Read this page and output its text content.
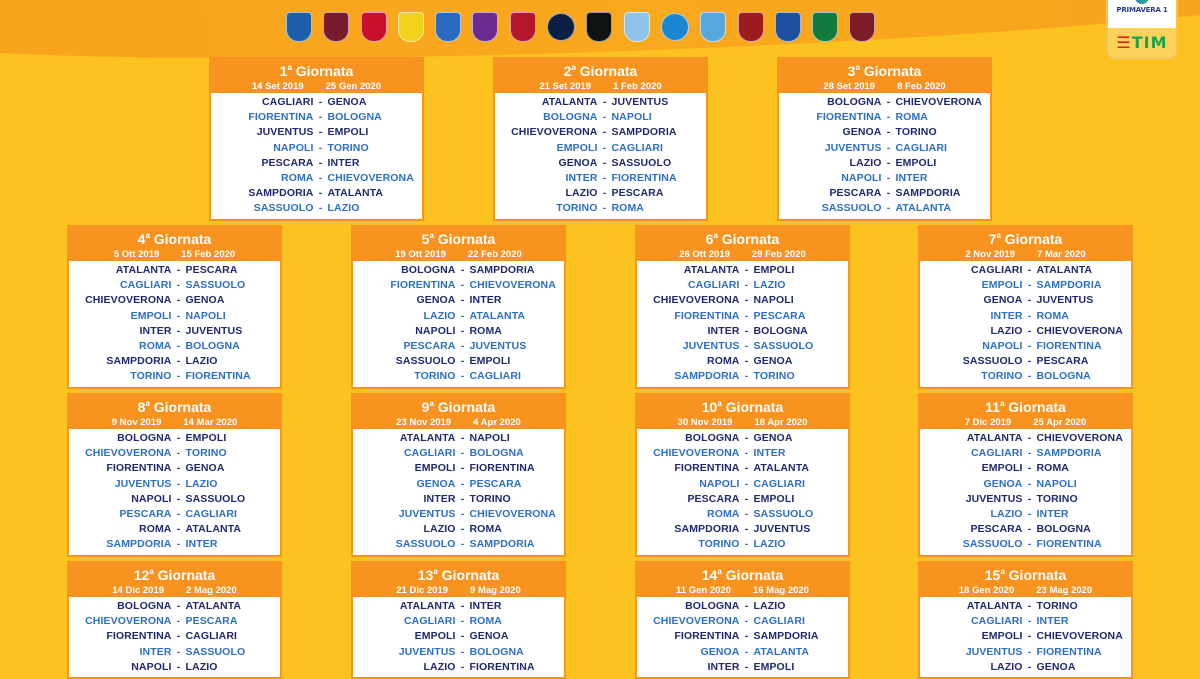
PRIMAVERA 1
☰TIM
1$^a$ Giornata
14 Set 2019 25 Gen 2020
CAGLIARI - GENOA
FIORENTINA - BOLOGNA
JUVENTUS - EMPOLI
NAPOLI - TORINO
PESCARA - INTER
ROMA - CHIEVOVERONA
SAMPDORIA - ATALANTA
SASSUOLO - LAZIO
2$^a$ Giornata
21 Set 2019 1 Feb 2020
ATALANTA - JUVENTUS
BOLOGNA - NAPOLI
CHIEVOVERONA - SAMPDORIA
EMPOLI - CAGLIARI
GENOA - SASSUOLO
INTER - FIORENTINA
LAZIO - PESCARA
TORINO - ROMA
3$^a$ Giornata
28 Set 2019 8 Feb 2020
BOLOGNA - CHIEVOVERONA
FIORENTINA - ROMA
GENOA - TORINO
JUVENTUS - CAGLIARI
LAZIO - EMPOLI
NAPOLI - INTER
PESCARA - SAMPDORIA
SASSUOLO - ATALANTA
4$^a$ Giornata
5 Ott 2019 15 Feb 2020
ATALANTA - PESCARA
CAGLIARI - SASSUOLO
CHIEVOVERONA - GENOA
EMPOLI - NAPOLI
INTER - JUVENTUS
ROMA - BOLOGNA
SAMPDORIA - LAZIO
TORINO - FIORENTINA
5$^a$ Giornata
19 Ott 2019 22 Feb 2020
BOLOGNA - SAMPDORIA
FIORENTINA - CHIEVOVERONA
GENOA - INTER
LAZIO - ATALANTA
NAPOLI - ROMA
PESCARA - JUVENTUS
SASSUOLO - EMPOLI
TORINO - CAGLIARI
6$^a$ Giornata
26 Ott 2019 29 Feb 2020
ATALANTA - EMPOLI
CAGLIARI - LAZIO
CHIEVOVERONA - NAPOLI
FIORENTINA - PESCARA
INTER - BOLOGNA
JUVENTUS - SASSUOLO
ROMA - GENOA
SAMPDORIA - TORINO
7$^a$ Giornata
2 Nov 2019 7 Mar 2020
CAGLIARI - ATALANTA
EMPOLI - SAMPDORIA
GENOA - JUVENTUS
INTER - ROMA
LAZIO - CHIEVOVERONA
NAPOLI - FIORENTINA
SASSUOLO - PESCARA
TORINO - BOLOGNA
8$^a$ Giornata
9 Nov 2019 14 Mar 2020
BOLOGNA - EMPOLI
CHIEVOVERONA - TORINO
FIORENTINA - GENOA
JUVENTUS - LAZIO
NAPOLI - SASSUOLO
PESCARA - CAGLIARI
ROMA - ATALANTA
SAMPDORIA - INTER
9$^a$ Giornata
23 Nov 2019 4 Apr 2020
ATALANTA - NAPOLI
CAGLIARI - BOLOGNA
EMPOLI - FIORENTINA
GENOA - PESCARA
INTER - TORINO
JUVENTUS - CHIEVOVERONA
LAZIO - ROMA
SASSUOLO - SAMPDORIA
10$^a$ Giornata
30 Nov 2019 18 Apr 2020
BOLOGNA - GENOA
CHIEVOVERONA - INTER
FIORENTINA - ATALANTA
NAPOLI - CAGLIARI
PESCARA - EMPOLI
ROMA - SASSUOLO
SAMPDORIA - JUVENTUS
TORINO - LAZIO
11$^a$ Giornata
7 Dic 2019 25 Apr 2020
ATALANTA - CHIEVOVERONA
CAGLIARI - SAMPDORIA
EMPOLI - ROMA
GENOA - NAPOLI
JUVENTUS - TORINO
LAZIO - INTER
PESCARA - BOLOGNA
SASSUOLO - FIORENTINA
12$^a$ Giornata
14 Dic 2019 2 Mag 2020
BOLOGNA - ATALANTA
CHIEVOVERONA - PESCARA
FIORENTINA - CAGLIARI
INTER - SASSUOLO
NAPOLI - LAZIO
13$^a$ Giornata
21 Dic 2019 9 Mag 2020
ATALANTA - INTER
CAGLIARI - ROMA
EMPOLI - GENOA
JUVENTUS - BOLOGNA
LAZIO - FIORENTINA
14$^a$ Giornata
11 Gen 2020 16 Mag 2020
BOLOGNA - LAZIO
CHIEVOVERONA - CAGLIARI
FIORENTINA - SAMPDORIA
GENOA - ATALANTA
INTER - EMPOLI
15$^a$ Giornata
18 Gen 2020 23 Mag 2020
ATALANTA - TORINO
CAGLIARI - INTER
EMPOLI - CHIEVOVERONA
JUVENTUS - FIORENTINA
LAZIO - GENOA
